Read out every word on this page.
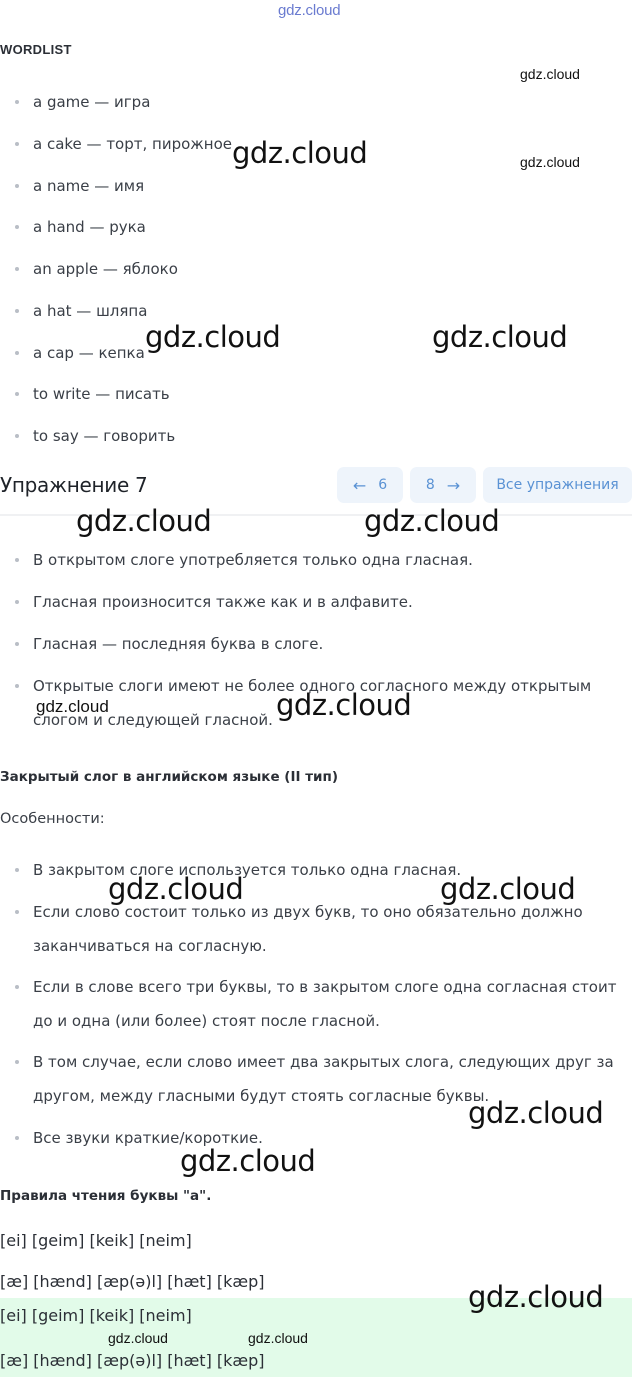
gdz.cloud
WORDLIST
a game — игра
a cake — торт, пирожное
a name — имя
a hand — рука
an apple — яблоко
a hat — шляпа
a cap — кепка
to write — писать
to say — говорить
Упражнение 7	← 6	8 →	Все упражнения
В открытом слоге употребляется только одна гласная.
Гласная произносится также как и в алфавите.
Гласная — последняя буква в слоге.
Открытые слоги имеют не более одного согласного между открытым
слогом и следующей гласной.
Закрытый слог в английском языке (II тип)
Особенности:
В закрытом слоге используется только одна гласная.
Если слово состоит только из двух букв, то оно обязательно должно
заканчиваться на согласную.
Если в слове всего три буквы, то в закрытом слоге одна согласная стоит
до и одна (или более) стоят после гласной.
В том случае, если слово имеет два закрытых слога, следующих друг за
другом, между гласными будут стоять согласные буквы.
Все звуки краткие/короткие.
Правила чтения буквы "a".
[ei] [geim] [keik] [neim]
[æ] [hænd] [æp(ə)l] [hæt] [kæp]
[ei] [geim] [keik] [neim]
[æ] [hænd] [æp(ə)l] [hæt] [kæp]
gdz.cloud
gdz.cloud
gdz.cloud
gdz.cloud	gdz.cloud
gdz.cloud	gdz.cloud
gdz.cloud	gdz.cloud
gdz.cloud	gdz.cloud
gdz.cloud
gdz.cloud
gdz.cloud
gdz.cloud	gdz.cloud
